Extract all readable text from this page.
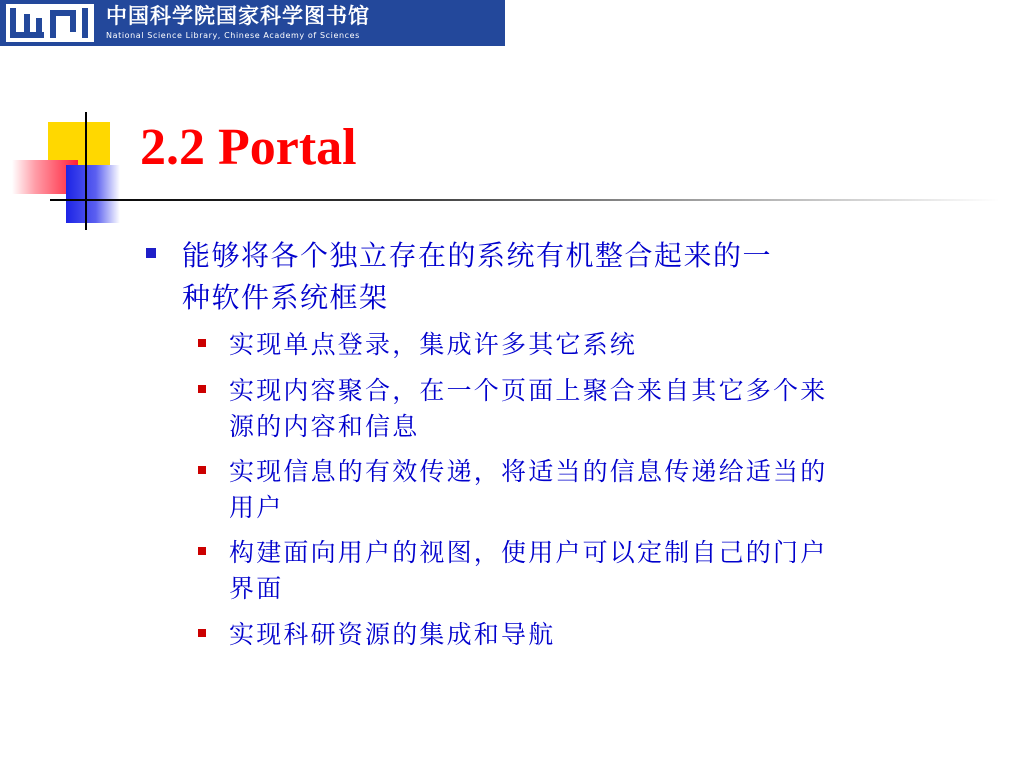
中国科学院国家科学图书馆
National Science Library, Chinese Academy of Sciences
2.2 Portal
能够将各个独立存在的系统有机整合起来的一
种软件系统框架
实现单点登录，集成许多其它系统
实现内容聚合，在一个页面上聚合来自其它多个来
源的内容和信息
实现信息的有效传递，将适当的信息传递给适当的
用户
构建面向用户的视图，使用户可以定制自己的门户
界面
实现科研资源的集成和导航
